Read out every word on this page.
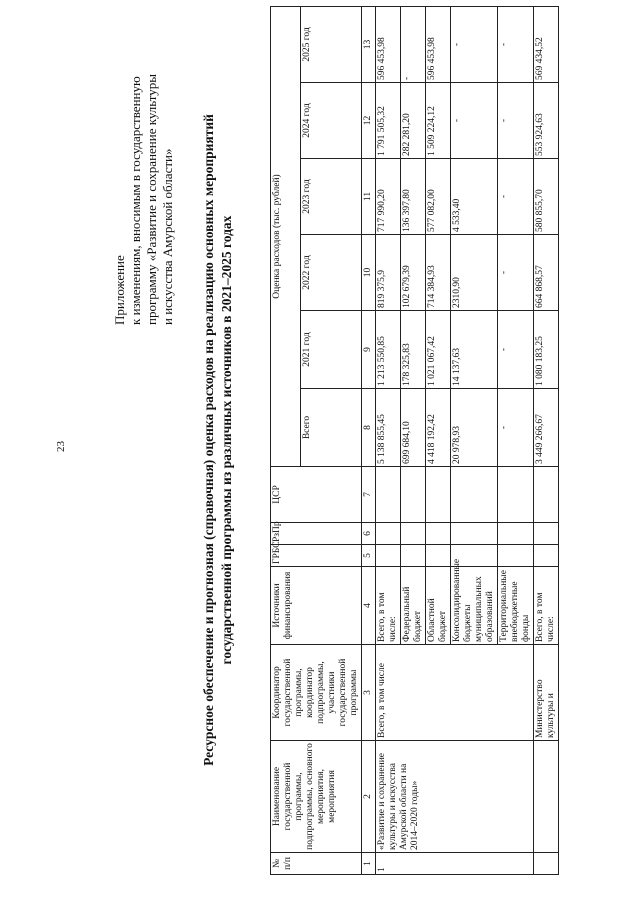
23
Приложение к изменениям, вносимым в государственную программу «Развитие и сохранение культуры и искусства Амурской области» Ресурсное обеспечение и прогнозная (справочная) оценка расходов на реализацию основных мероприятий государственной программы из различных источников в 2021–2025 годах
№ п/п	Наименование государственной программы, подпрограммы, основного мероприятия, мероприятия	Координатор государственной программы, координатор подпрограммы, участники государственной программы	Источники финансирования	ГРБС	РзПр	ЦСР	Оценка расходов (тыс. рублей)					
							Всего	2021 год	2022 год	2023 год	2024 год	2025 год
1	2	3	4	5	6	7	8	9	10	11	12	13
1	«Развитие и сохранение культуры и искусства Амурской области на 2014–2020 годы»	Всего, в том числе	Всего, в том числе:				5 138 855,45	1 213 550,85	819 375,9	717 990,20	1 791 505,32	596 453,98
			Федеральный бюджет				699 684,10	178 325,83	102 679,39	136 397,80	282 281,20	-
			Областной бюджет				4 418 192,42	1 021 067,42	714 384,93	577 082,00	1 509 224,12	596 453,98
			Консолидированные бюджеты муниципальных образований				20 978,93	14 137,63	2310,90	4 533,40	-	-
			Территориальные внебюджетные фонды				-	-	-	-	-	-
		Министерство культуры и	Всего, в том числе:				3 449 266,67	1 080 183,25	664 868,57	580 855,70	553 924,63	569 434,52
